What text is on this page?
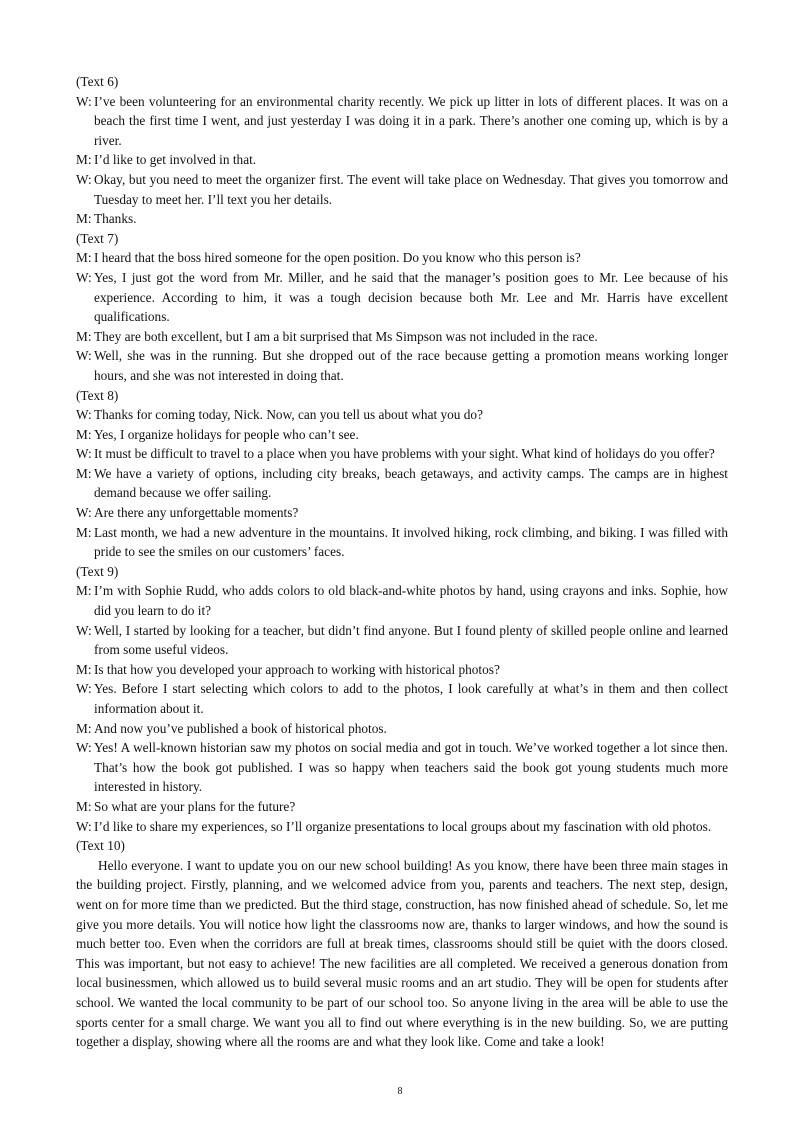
(Text 6)

W: I’ve been volunteering for an environmental charity recently. We pick up litter in lots of different places. It was on a beach the first time I went, and just yesterday I was doing it in a park. There’s another one coming up, which is by a river.

M: I’d like to get involved in that.

W: Okay, but you need to meet the organizer first. The event will take place on Wednesday. That gives you tomorrow and Tuesday to meet her. I’ll text you her details.

M: Thanks.

(Text 7)

M: I heard that the boss hired someone for the open position. Do you know who this person is?

W: Yes, I just got the word from Mr. Miller, and he said that the manager’s position goes to Mr. Lee because of his experience. According to him, it was a tough decision because both Mr. Lee and Mr. Harris have excellent qualifications.

M: They are both excellent, but I am a bit surprised that Ms Simpson was not included in the race.

W: Well, she was in the running. But she dropped out of the race because getting a promotion means working longer hours, and she was not interested in doing that.

(Text 8)

W: Thanks for coming today, Nick. Now, can you tell us about what you do?

M: Yes, I organize holidays for people who can’t see.

W: It must be difficult to travel to a place when you have problems with your sight. What kind of holidays do you offer?

M: We have a variety of options, including city breaks, beach getaways, and activity camps. The camps are in highest demand because we offer sailing.

W: Are there any unforgettable moments?

M: Last month, we had a new adventure in the mountains. It involved hiking, rock climbing, and biking. I was filled with pride to see the smiles on our customers’ faces.

(Text 9)

M: I’m with Sophie Rudd, who adds colors to old black-and-white photos by hand, using crayons and inks. Sophie, how did you learn to do it?

W: Well, I started by looking for a teacher, but didn’t find anyone. But I found plenty of skilled people online and learned from some useful videos.

M: Is that how you developed your approach to working with historical photos?

W: Yes. Before I start selecting which colors to add to the photos, I look carefully at what’s in them and then collect information about it.

M: And now you’ve published a book of historical photos.

W: Yes! A well-known historian saw my photos on social media and got in touch. We’ve worked together a lot since then. That’s how the book got published. I was so happy when teachers said the book got young students much more interested in history.

M: So what are your plans for the future?

W: I’d like to share my experiences, so I’ll organize presentations to local groups about my fascination with old photos.

(Text 10)

Hello everyone. I want to update you on our new school building! As you know, there have been three main stages in the building project. Firstly, planning, and we welcomed advice from you, parents and teachers. The next step, design, went on for more time than we predicted. But the third stage, construction, has now finished ahead of schedule. So, let me give you more details. You will notice how light the classrooms now are, thanks to larger windows, and how the sound is much better too. Even when the corridors are full at break times, classrooms should still be quiet with the doors closed. This was important, but not easy to achieve! The new facilities are all completed. We received a generous donation from local businessmen, which allowed us to build several music rooms and an art studio. They will be open for students after school. We wanted the local community to be part of our school too. So anyone living in the area will be able to use the sports center for a small charge. We want you all to find out where everything is in the new building. So, we are putting together a display, showing where all the rooms are and what they look like. Come and take a look!

8
